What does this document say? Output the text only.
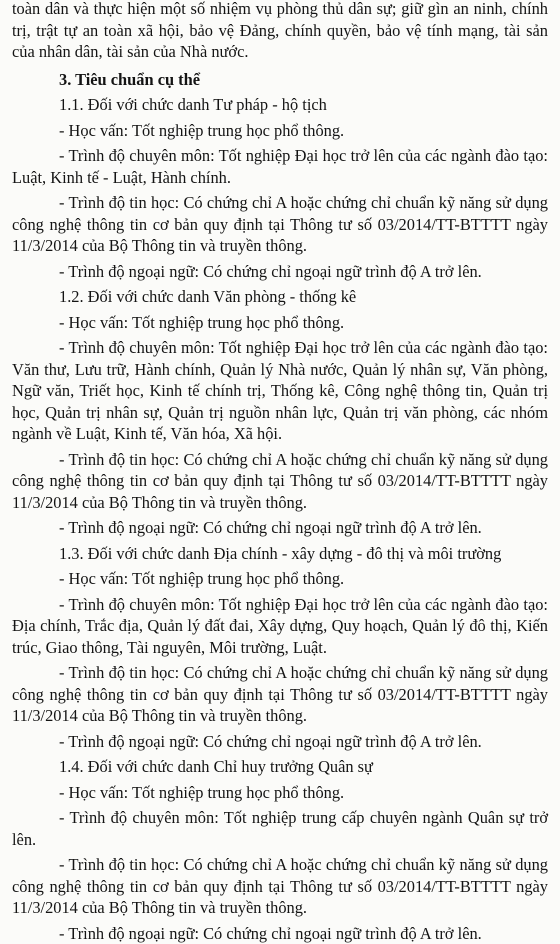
toàn dân và thực hiện một số nhiệm vụ phòng thủ dân sự; giữ gìn an ninh, chính trị, trật tự an toàn xã hội, bảo vệ Đảng, chính quyền, bảo vệ tính mạng, tài sản của nhân dân, tài sản của Nhà nước.

3. Tiêu chuẩn cụ thể

1.1. Đối với chức danh Tư pháp - hộ tịch

- Học vấn: Tốt nghiệp trung học phổ thông.

- Trình độ chuyên môn: Tốt nghiệp Đại học trở lên của các ngành đào tạo: Luật, Kinh tế - Luật, Hành chính.

- Trình độ tin học: Có chứng chỉ A hoặc chứng chỉ chuẩn kỹ năng sử dụng công nghệ thông tin cơ bản quy định tại Thông tư số 03/2014/TT-BTTTT ngày 11/3/2014 của Bộ Thông tin và truyền thông.

- Trình độ ngoại ngữ: Có chứng chỉ ngoại ngữ trình độ A trở lên.

1.2. Đối với chức danh Văn phòng - thống kê

- Học vấn: Tốt nghiệp trung học phổ thông.

- Trình độ chuyên môn: Tốt nghiệp Đại học trở lên của các ngành đào tạo: Văn thư, Lưu trữ, Hành chính, Quản lý Nhà nước, Quản lý nhân sự, Văn phòng, Ngữ văn, Triết học, Kinh tế chính trị, Thống kê, Công nghệ thông tin, Quản trị học, Quản trị nhân sự, Quản trị nguồn nhân lực, Quản trị văn phòng, các nhóm ngành về Luật, Kinh tế, Văn hóa, Xã hội.

- Trình độ tin học: Có chứng chỉ A hoặc chứng chỉ chuẩn kỹ năng sử dụng công nghệ thông tin cơ bản quy định tại Thông tư số 03/2014/TT-BTTTT ngày 11/3/2014 của Bộ Thông tin và truyền thông.

- Trình độ ngoại ngữ: Có chứng chỉ ngoại ngữ trình độ A trở lên.

1.3. Đối với chức danh Địa chính - xây dựng - đô thị và môi trường

- Học vấn: Tốt nghiệp trung học phổ thông.

- Trình độ chuyên môn: Tốt nghiệp Đại học trở lên của các ngành đào tạo: Địa chính, Trắc địa, Quản lý đất đai, Xây dựng, Quy hoạch, Quản lý đô thị, Kiến trúc, Giao thông, Tài nguyên, Môi trường, Luật.

- Trình độ tin học: Có chứng chỉ A hoặc chứng chỉ chuẩn kỹ năng sử dụng công nghệ thông tin cơ bản quy định tại Thông tư số 03/2014/TT-BTTTT ngày 11/3/2014 của Bộ Thông tin và truyền thông.

- Trình độ ngoại ngữ: Có chứng chỉ ngoại ngữ trình độ A trở lên.

1.4. Đối với chức danh Chỉ huy trưởng Quân sự

- Học vấn: Tốt nghiệp trung học phổ thông.

- Trình độ chuyên môn: Tốt nghiệp trung cấp chuyên ngành Quân sự trở lên.

- Trình độ tin học: Có chứng chỉ A hoặc chứng chỉ chuẩn kỹ năng sử dụng công nghệ thông tin cơ bản quy định tại Thông tư số 03/2014/TT-BTTTT ngày 11/3/2014 của Bộ Thông tin và truyền thông.

- Trình độ ngoại ngữ: Có chứng chỉ ngoại ngữ trình độ A trở lên.
